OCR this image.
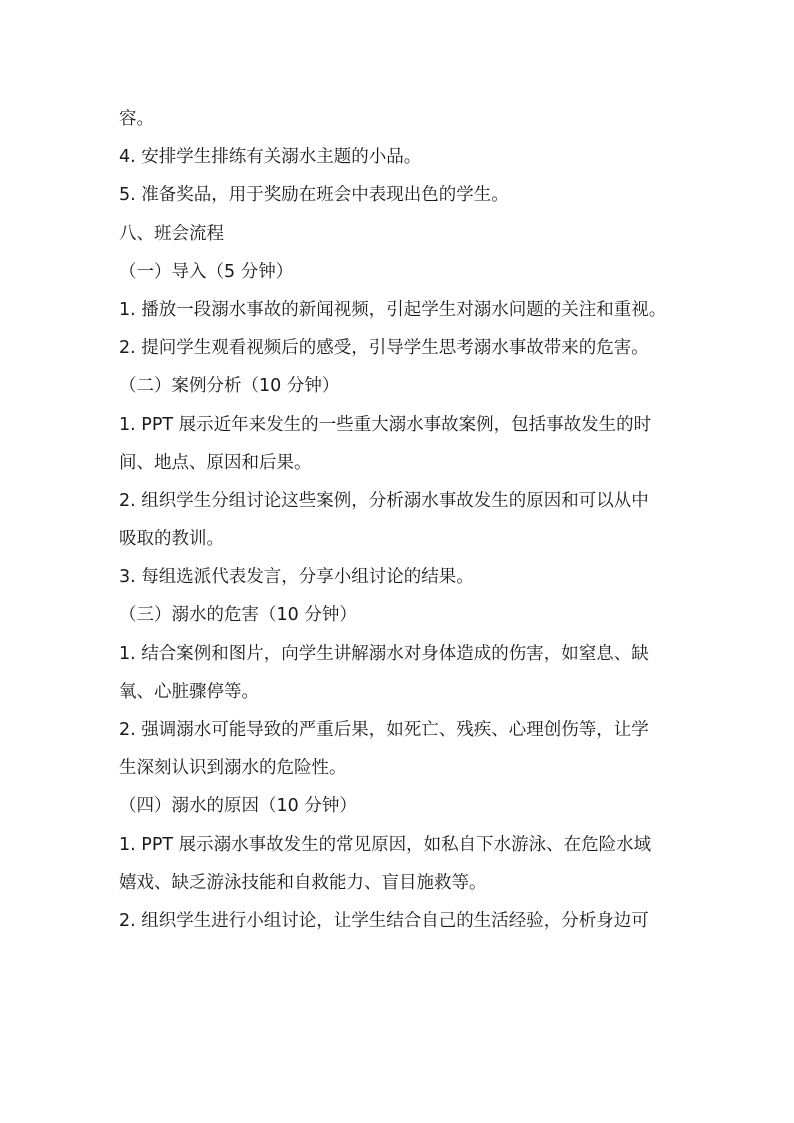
容。
4. 安排学生排练有关溺水主题的小品。
5. 准备奖品，用于奖励在班会中表现出色的学生。
八、班会流程
（一）导入（5 分钟）
1. 播放一段溺水事故的新闻视频，引起学生对溺水问题的关注和重视。
2. 提问学生观看视频后的感受，引导学生思考溺水事故带来的危害。
（二）案例分析（10 分钟）
1. PPT 展示近年来发生的一些重大溺水事故案例，包括事故发生的时
间、地点、原因和后果。
2. 组织学生分组讨论这些案例，分析溺水事故发生的原因和可以从中
吸取的教训。
3. 每组选派代表发言，分享小组讨论的结果。
（三）溺水的危害（10 分钟）
1. 结合案例和图片，向学生讲解溺水对身体造成的伤害，如窒息、缺
氧、心脏骤停等。
2. 强调溺水可能导致的严重后果，如死亡、残疾、心理创伤等，让学
生深刻认识到溺水的危险性。
（四）溺水的原因（10 分钟）
1. PPT 展示溺水事故发生的常见原因，如私自下水游泳、在危险水域
嬉戏、缺乏游泳技能和自救能力、盲目施救等。
2. 组织学生进行小组讨论，让学生结合自己的生活经验，分析身边可
